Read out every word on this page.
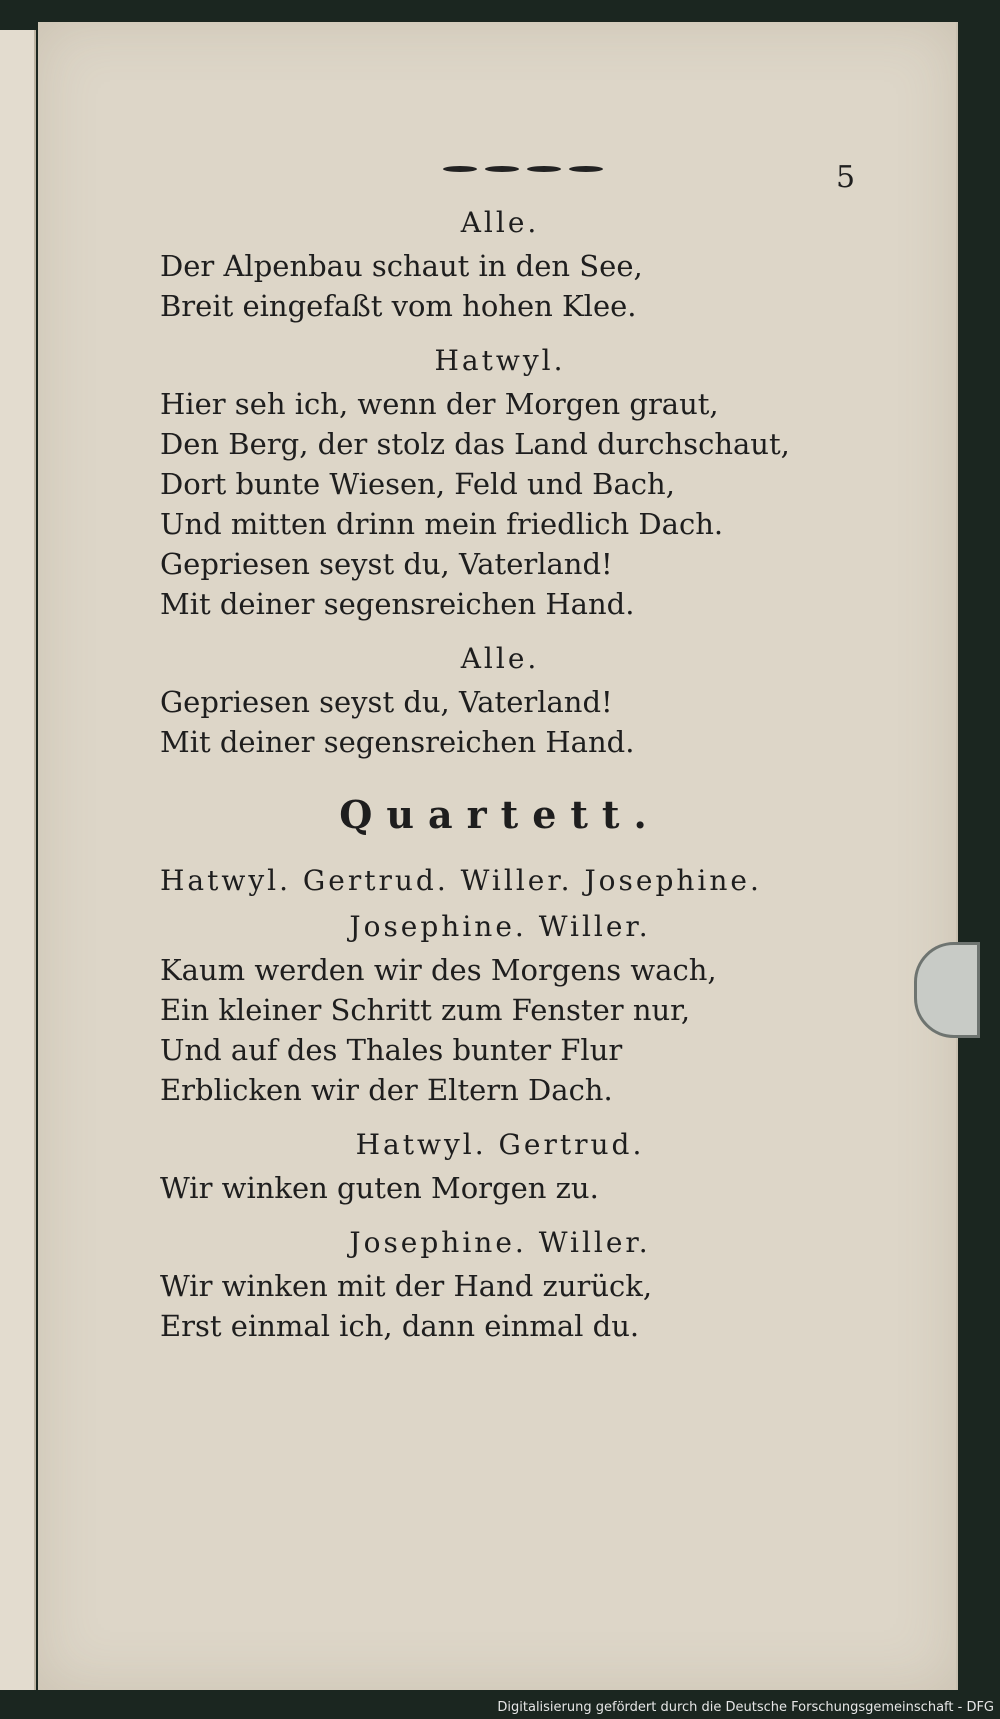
5

Alle.

Der Alpenbau schaut in den See,

Breit eingefaßt vom hohen Klee.

Hatwyl.

Hier seh ich, wenn der Morgen graut,

Den Berg, der stolz das Land durchschaut,

Dort bunte Wiesen, Feld und Bach,

Und mitten drinn mein friedlich Dach.

Gepriesen seyst du, Vaterland!

Mit deiner segensreichen Hand.

Alle.

Gepriesen seyst du, Vaterland!

Mit deiner segensreichen Hand.

Quartett.

Hatwyl. Gertrud. Willer. Josephine.

Josephine. Willer.

Kaum werden wir des Morgens wach,

Ein kleiner Schritt zum Fenster nur,

Und auf des Thales bunter Flur

Erblicken wir der Eltern Dach.

Hatwyl. Gertrud.

Wir winken guten Morgen zu.

Josephine. Willer.

Wir winken mit der Hand zurück,

Erst einmal ich, dann einmal du.

Digitalisierung gefördert durch die Deutsche Forschungsgemeinschaft - DFG
